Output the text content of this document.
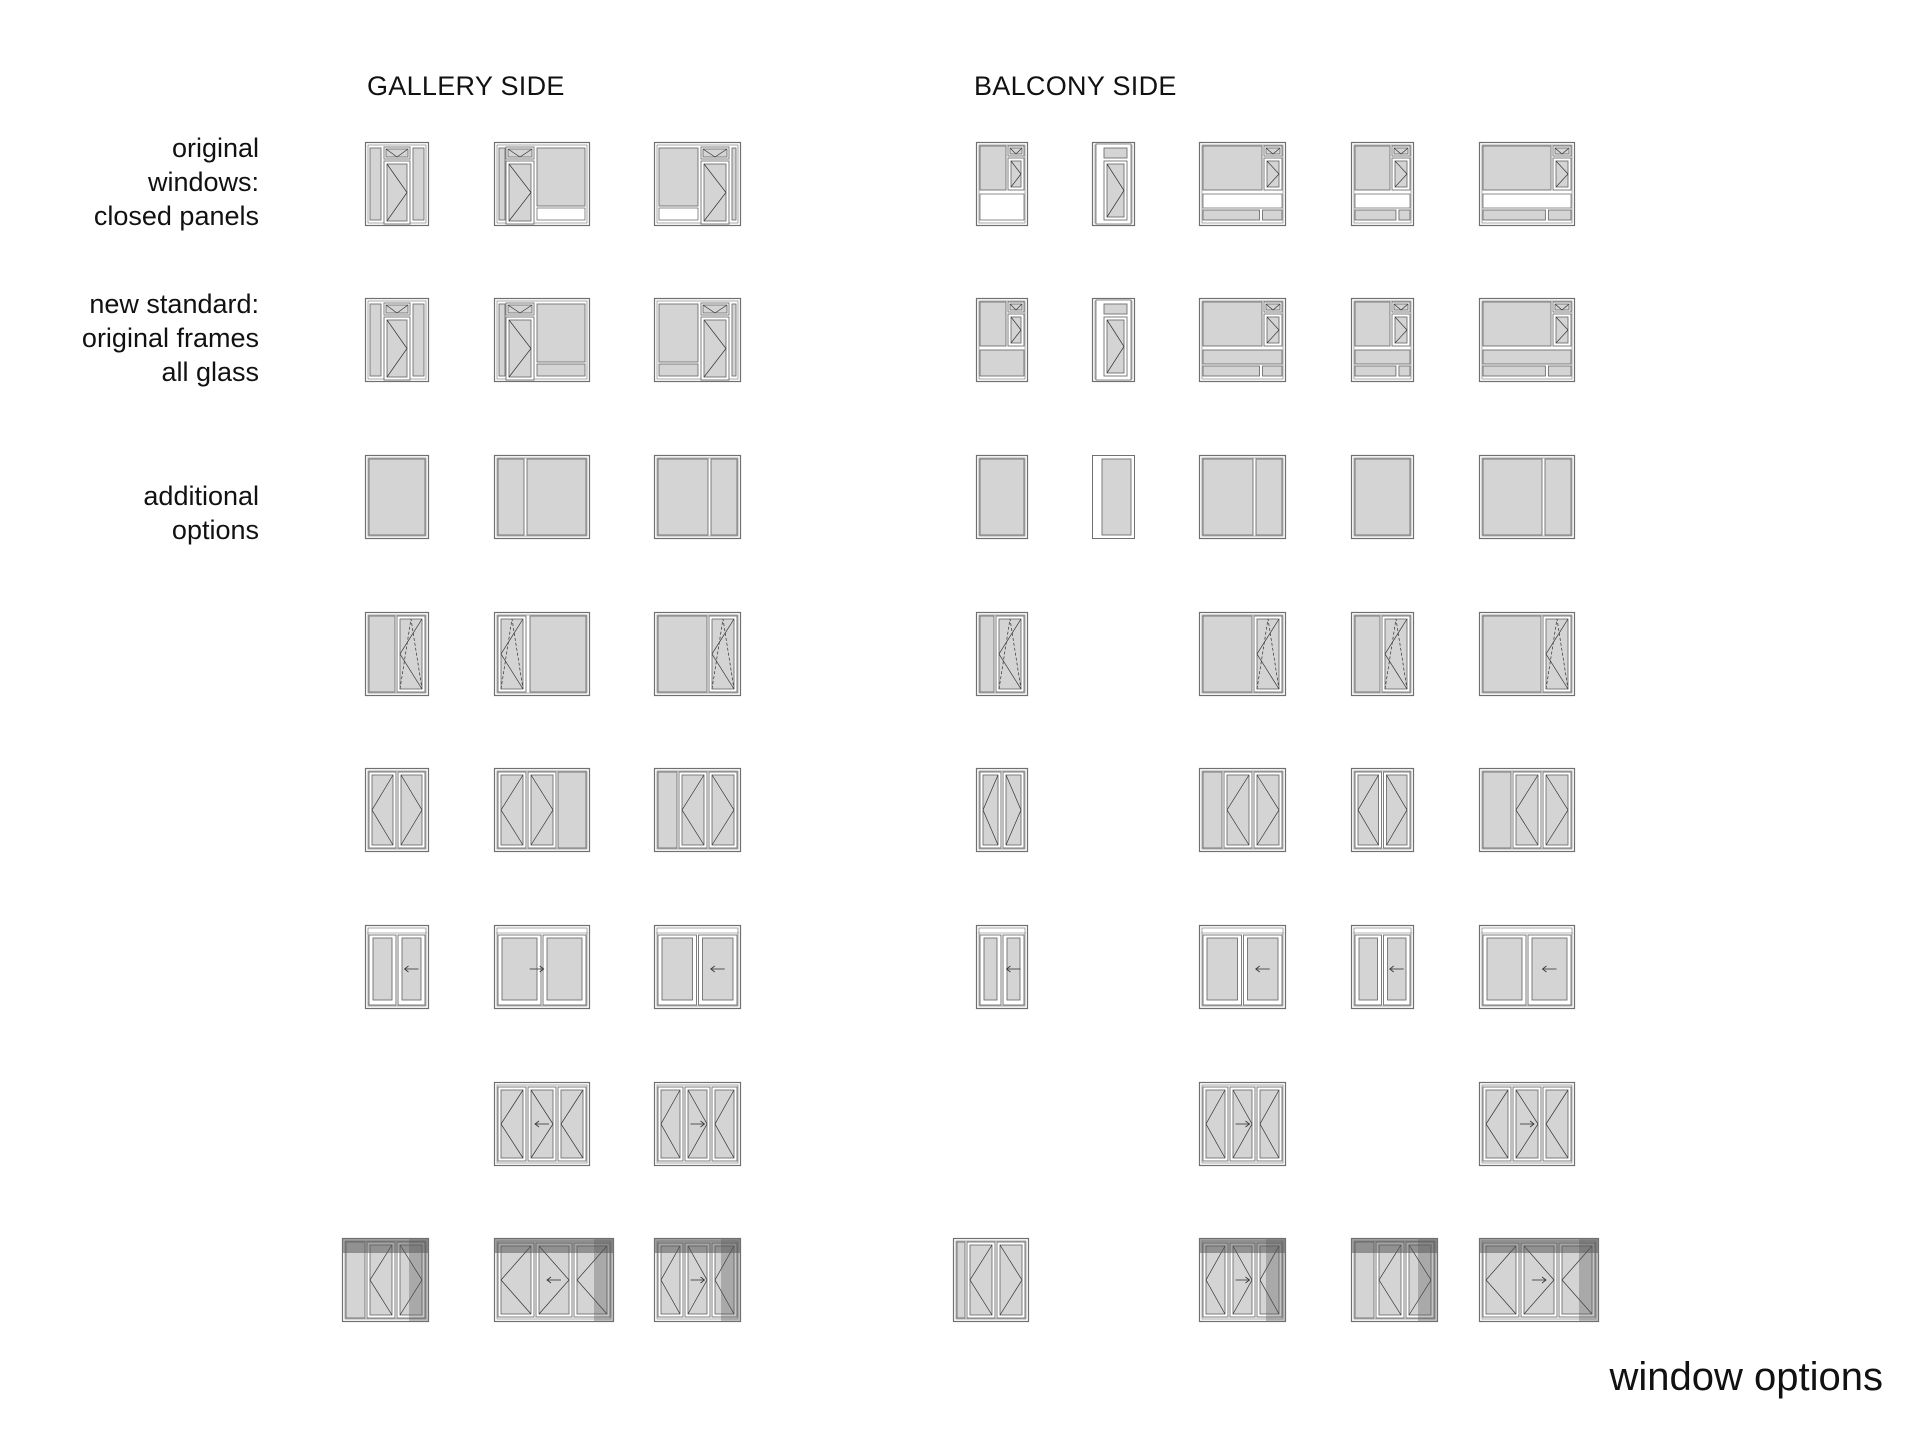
GALLERY SIDE	BALCONY SIDE
original
windows:
closed panels
new standard:
original frames
all glass
additional
options
window options
